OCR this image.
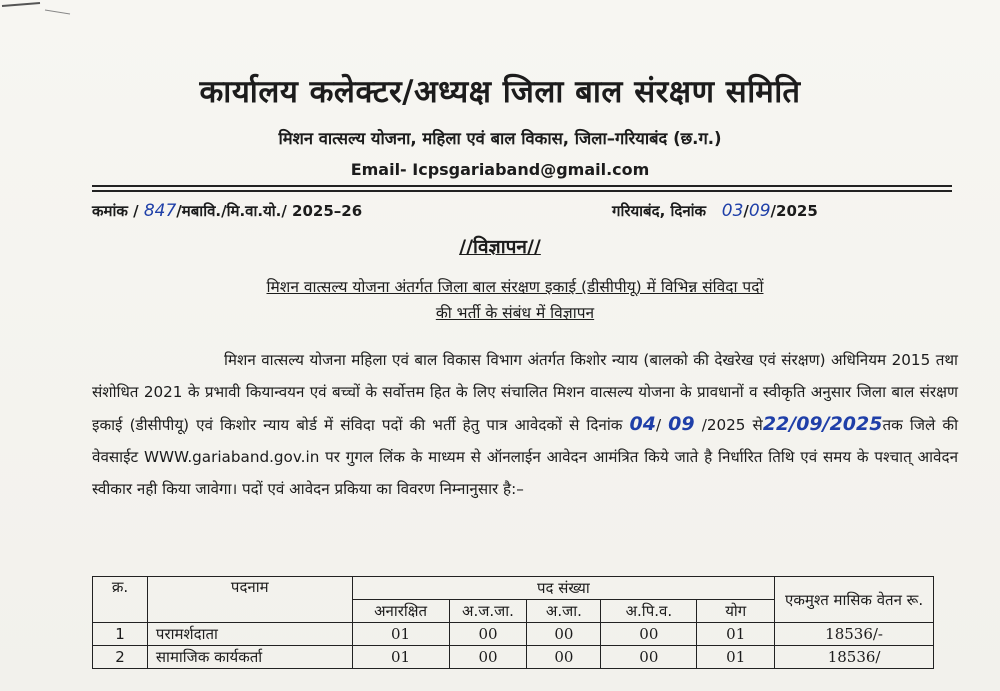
कार्यालय कलेक्टर/अध्यक्ष जिला बाल संरक्षण समिति
मिशन वात्सल्य योजना, महिला एवं बाल विकास, जिला–गरियाबंद (छ.ग.)
Email- Icpsgariaband@gmail.com
कमांक / 847/मबावि./मि.वा.यो./ 2025–26	गरियाबंद, दिनांक 03/09/2025
//विज्ञापन//
मिशन वात्सल्य योजना अंतर्गत जिला बाल संरक्षण इकाई (डीसीपीयू) में विभिन्न संविदा पदों
की भर्ती के संबंध में विज्ञापन

मिशन वात्सल्य योजना महिला एवं बाल विकास विभाग अंतर्गत किशोर न्याय (बालको की देखरेख एवं संरक्षण) अधिनियम 2015 तथा संशोधित 2021 के प्रभावी कियान्वयन एवं बच्चों के सर्वोत्तम हित के लिए संचालित मिशन वात्सल्य योजना के प्रावधानों व स्वीकृति अनुसार जिला बाल संरक्षण इकाई (डीसीपीयू) एवं किशोर न्याय बोर्ड में संविदा पदों की भर्ती हेतु पात्र आवेदकों से दिनांक 04/ 09 /2025 से22/09/2025तक जिले की वेवसाईट WWW.gariaband.gov.in पर गुगल लिंक के माध्यम से ऑनलाईन आवेदन आमंत्रित किये जाते है निर्धारित तिथि एवं समय के पश्चात् आवेदन स्वीकार नही किया जावेगा। पदों एवं आवेदन प्रकिया का विवरण निम्नानुसार है:–

क्र.	पदनाम	पद संख्या					एकमुश्त मासिक वेतन रू.
		अनारक्षित	अ.ज.जा.	अ.जा.	अ.पि.व.	योग	
1	परामर्शदाता	01	00	00	00	01	18536/-
2	सामाजिक कार्यकर्ता	01	00	00	00	01	18536/
